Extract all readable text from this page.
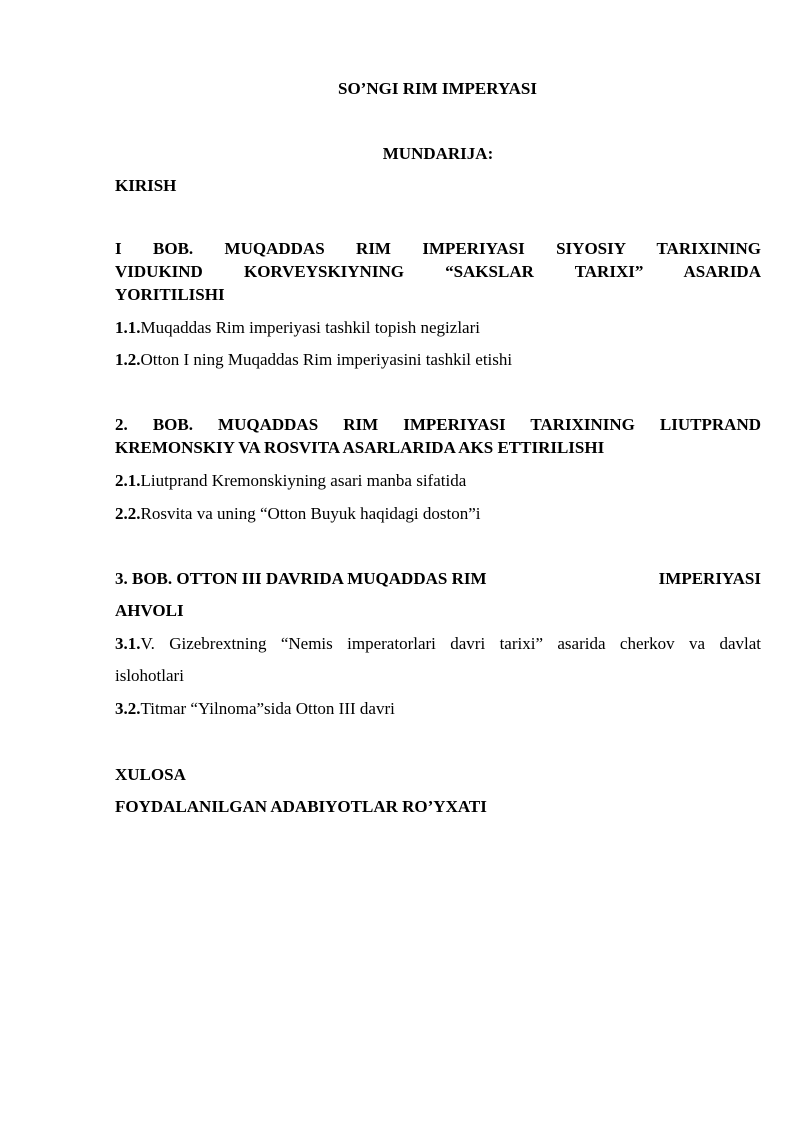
SO’NGI RIM IMPERYASI
MUNDARIJA:
KIRISH
I BOB. MUQADDAS RIM IMPERIYASI SIYOSIY TARIXINING
VIDUKIND KORVEYSKIYNING “SAKSLAR TARIXI” ASARIDA
YORITILISHI
1.1.Muqaddas Rim imperiyasi tashkil topish negizlari
1.2.Otton I ning Muqaddas Rim imperiyasini tashkil etishi
2. BOB. MUQADDAS RIM IMPERIYASI TARIXINING LIUTPRAND
KREMONSKIY VA ROSVITA ASARLARIDA AKS ETTIRILISHI
2.1.Liutprand Kremonskiyning asari manba sifatida
2.2.Rosvita va uning “Otton Buyuk haqidagi doston”i
3. BOB. OTTON III DAVRIDA MUQADDAS RIM	IMPERIYASI
AHVOLI
3.1.V. Gizebrextning “Nemis imperatorlari davri tarixi” asarida cherkov va davlat
islohotlari
3.2.Titmar “Yilnoma”sida Otton III davri
XULOSA
FOYDALANILGAN ADABIYOTLAR RO’YXATI
